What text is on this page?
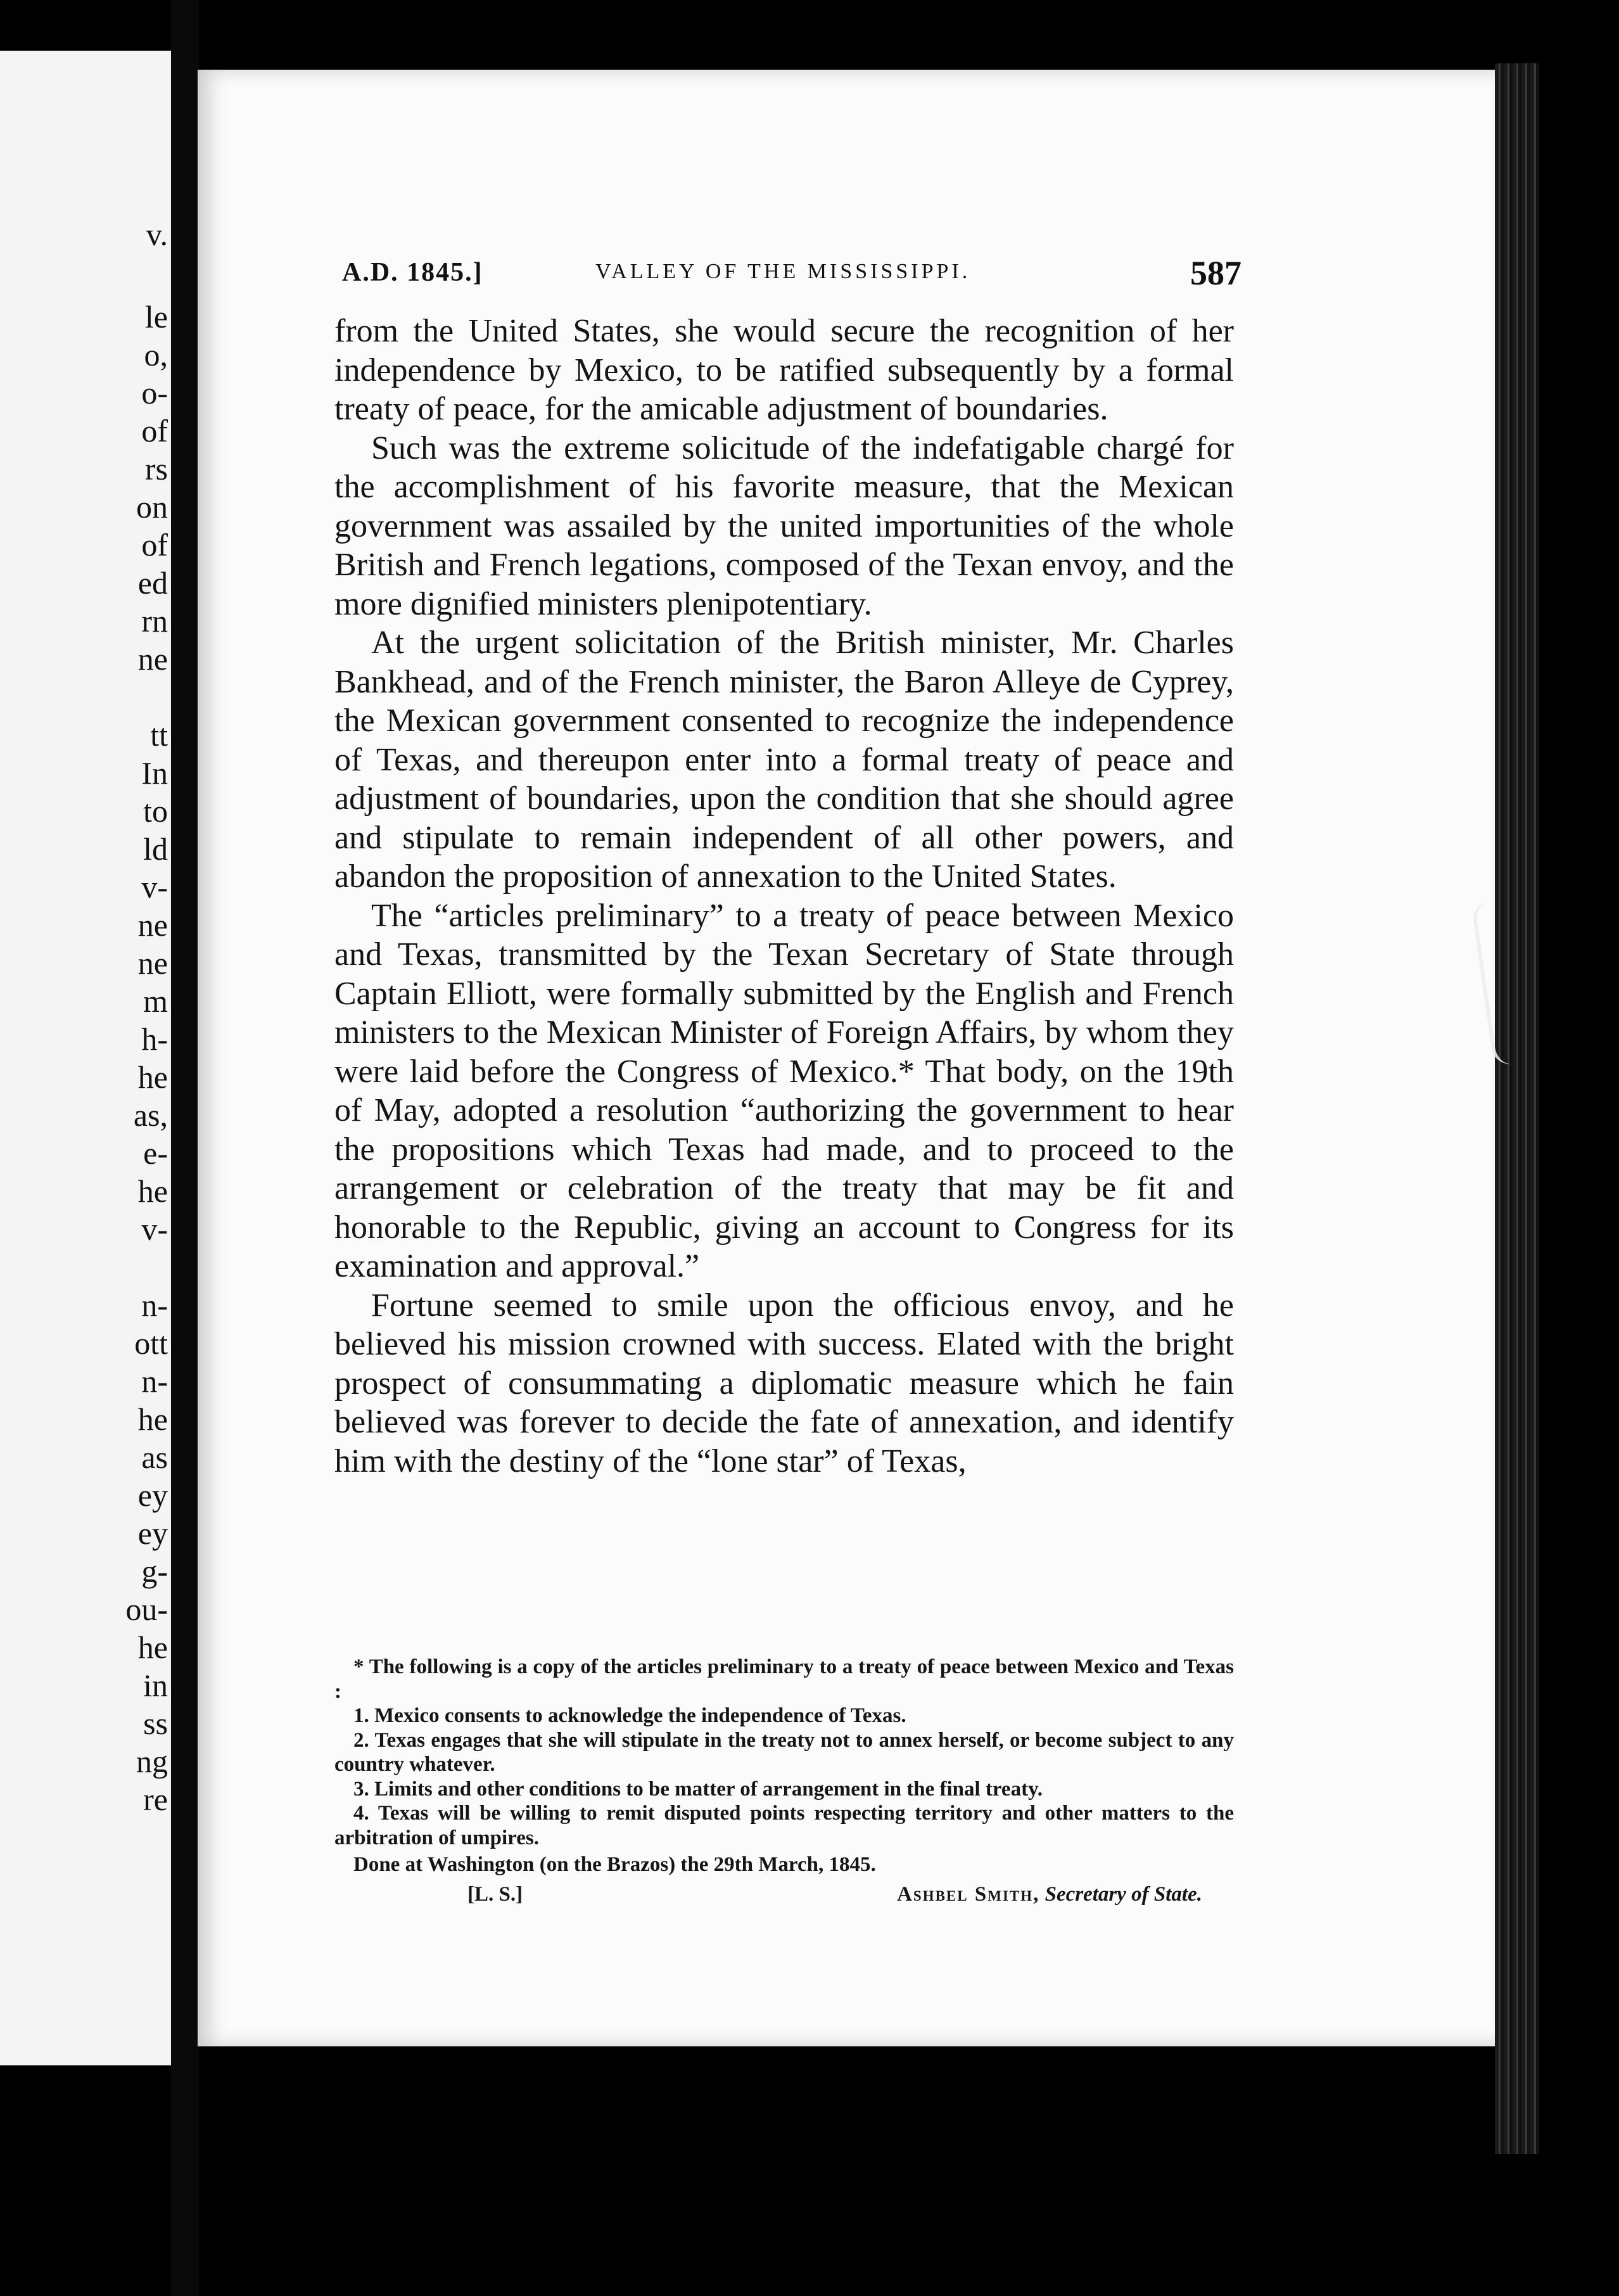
v.
le
o,
o-
of
rs
on
of
ed
rn
ne
tt
In
to
ld
v-
ne
ne
m
h-
he
as,
e-
he
v-
n-
ott
n-
he
as
ey
ey
g-
ou-
he
in
ss
ng
re
A.D. 1845.]	VALLEY OF THE MISSISSIPPI.	587

from the United States, she would secure the recognition of her independence by Mexico, to be ratified subsequently by a formal treaty of peace, for the amicable adjustment of boundaries.

Such was the extreme solicitude of the indefatigable chargé for the accomplishment of his favorite measure, that the Mexican government was assailed by the united importunities of the whole British and French legations, composed of the Texan envoy, and the more dignified ministers plenipotentiary.

At the urgent solicitation of the British minister, Mr. Charles Bankhead, and of the French minister, the Baron Alleye de Cyprey, the Mexican government consented to recognize the independence of Texas, and thereupon enter into a formal treaty of peace and adjustment of boundaries, upon the condition that she should agree and stipulate to remain independent of all other powers, and abandon the proposition of annexation to the United States.

The “articles preliminary” to a treaty of peace between Mexico and Texas, transmitted by the Texan Secretary of State through Captain Elliott, were formally submitted by the English and French ministers to the Mexican Minister of Foreign Affairs, by whom they were laid before the Congress of Mexico.* That body, on the 19th of May, adopted a resolution “authorizing the government to hear the propositions which Texas had made, and to proceed to the arrangement or celebration of the treaty that may be fit and honorable to the Republic, giving an account to Congress for its examination and approval.”

Fortune seemed to smile upon the officious envoy, and he believed his mission crowned with success. Elated with the bright prospect of consummating a diplomatic measure which he fain believed was forever to decide the fate of annexation, and identify him with the destiny of the “lone star” of Texas,

* The following is a copy of the articles preliminary to a treaty of peace between Mexico and Texas :

1. Mexico consents to acknowledge the independence of Texas.

2. Texas engages that she will stipulate in the treaty not to annex herself, or become subject to any country whatever.

3. Limits and other conditions to be matter of arrangement in the final treaty.

4. Texas will be willing to remit disputed points respecting territory and other matters to the arbitration of umpires.

Done at Washington (on the Brazos) the 29th March, 1845.

[L. S.]	Ashbel Smith, Secretary of State.
